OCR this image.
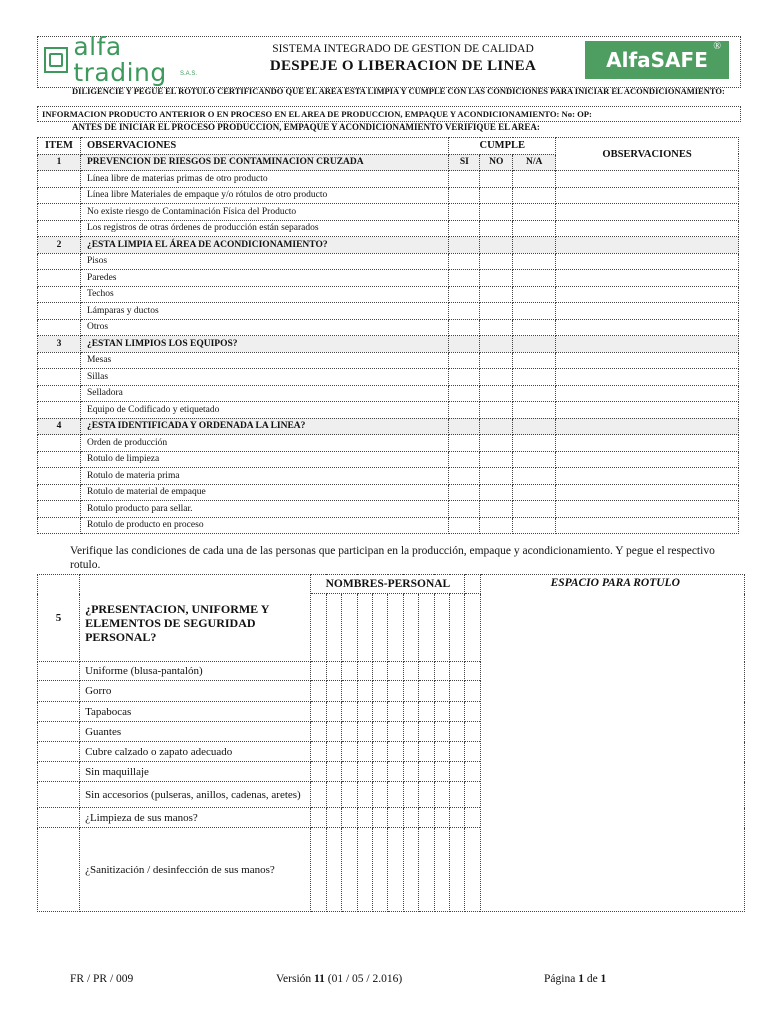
alfa trading	S.A.S.
SISTEMA INTEGRADO DE GESTION DE CALIDAD
DESPEJE O LIBERACION DE LINEA	AlfaSAFE
®
DILIGENCIE Y PEGUE EL ROTULO CERTIFICANDO QUE EL AREA ESTA LIMPIA Y CUMPLE CON LAS CONDICIONES PARA INICIAR EL ACONDICIONAMIENTO:
INFORMACION PRODUCTO ANTERIOR O EN PROCESO EN EL AREA DE PRODUCCION, EMPAQUE Y ACONDICIONAMIENTO: No: OP:
ANTES DE INICIAR EL PROCESO PRODUCCION, EMPAQUE Y ACONDICIONAMIENTO VERIFIQUE EL AREA:
ITEM	OBSERVACIONES	CUMPLE			OBSERVACIONES
1	PREVENCION DE RIESGOS DE CONTAMINACION CRUZADA	SI	NO	N/A	
	Línea libre de materias primas de otro producto				
	Línea libre Materiales de empaque y/o rótulos de otro producto				
	No existe riesgo de Contaminación Física del Producto				
	Los registros de otras órdenes de producción están separados				
2	¿ESTA LIMPIA EL ÁREA DE ACONDICIONAMIENTO?				
	Pisos				
	Paredes				
	Techos				
	Lámparas y ductos				
	Otros				
3	¿ESTAN LIMPIOS LOS EQUIPOS?				
	Mesas				
	Sillas				
	Selladora				
	Equipo de Codificado y etiquetado				
4	¿ESTA IDENTIFICADA Y ORDENADA LA LINEA?				
	Orden de producción				
	Rotulo de limpieza				
	Rotulo de materia prima				
	Rotulo de material de empaque				
	Rotulo producto para sellar.				
	Rotulo de producto en proceso				
Verifique las condiciones de cada una de las personas que participan en la producción, empaque y acondicionamiento. Y pegue el respectivo rotulo.
5	¿PRESENTACION, UNIFORME Y ELEMENTOS DE SEGURIDAD PERSONAL?	NOMBRES-PERSONAL											ESPACIO PARA ROTULO

	Uniforme (blusa-pantalón)												
	Gorro												
	Tapabocas												
	Guantes												
	Cubre calzado o zapato adecuado												
	Sin maquillaje												
	Sin accesorios (pulseras, anillos, cadenas, aretes)												
	¿Limpieza de sus manos?												
	¿Sanitización / desinfección de sus manos?												
FR / PR / 009	Versión 11 (01 / 05 / 2.016)	Página 1 de 1
